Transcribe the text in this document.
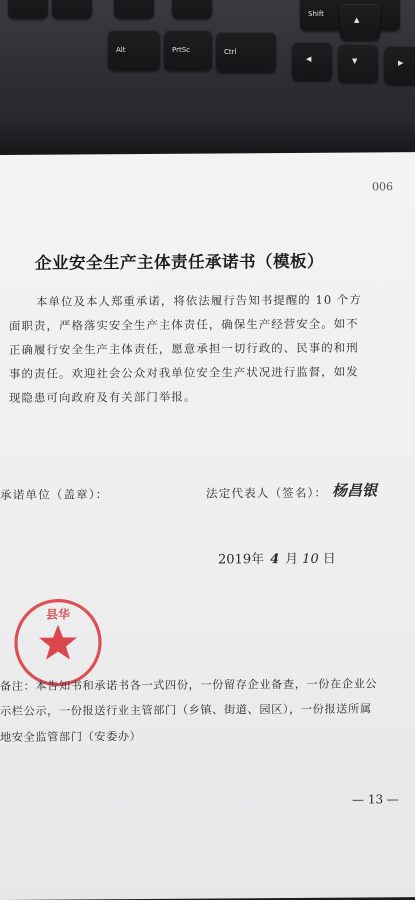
Shift
Alt	PrtSc	Ctrl
▲
◀	▼	▶
006
企业安全生产主体责任承诺书（模板）
本单位及本人郑重承诺，将依法履行告知书提醒的 10 个方
面职责，严格落实安全生产主体责任，确保生产经营安全。如不
正确履行安全生产主体责任，愿意承担一切行政的、民事的和刑
事的责任。欢迎社会公众对我单位安全生产状况进行监督，如发
现隐患可向政府及有关部门举报。

县华
承诺单位（盖章）：	法定代表人（签名）： 杨昌银
2019年 4 月 10 日
备注：本告知书和承诺书各一式四份，一份留存企业备查，一份在企业公
示栏公示，一份报送行业主管部门（乡镇、街道、园区），一份报送所属
地安全监管部门（安委办）
— 13 —
